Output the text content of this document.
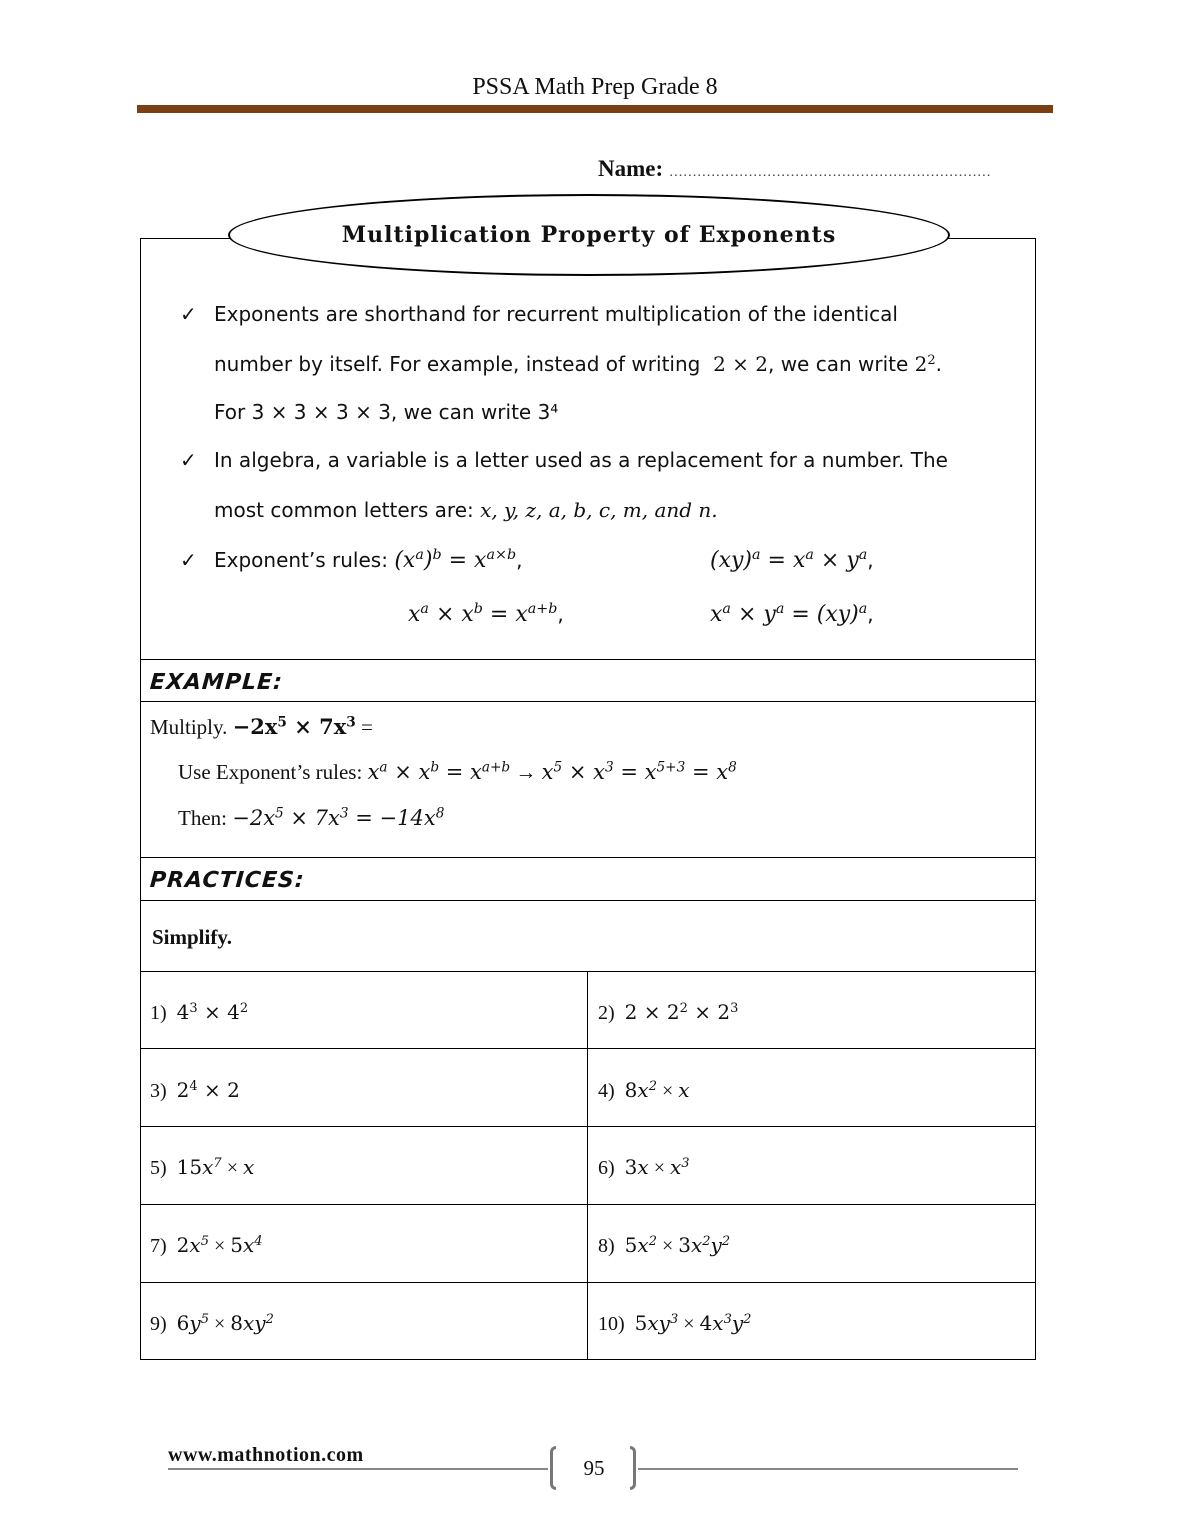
PSSA Math Prep Grade 8
Name: ……………………………………………………………
Multiplication Property of Exponents
✓ Exponents are shorthand for recurrent multiplication of the identical
number by itself. For example, instead of writing 2 × 2, we can write $2^2$.
For 3 × 3 × 3 × 3, we can write 3⁴
✓ In algebra, a variable is a letter used as a replacement for a number. The
most common letters are: x, y, z, a, b, c, m, and n.
✓ Exponent’s rules: $(x^a)^b = x^{a\times b}$,	$(xy)^a = x^a \times y^a$,
$x^a \times x^b = x^{a+b}$,	$x^a \times y^a = (xy)^a$,
EXAMPLE:
Multiply. $-2x^5 \times 7x^3$ =
Use Exponent’s rules: $x^a \times x^b = x^{a+b} \to x^5 \times x^3 = x^{5+3} = x^8$
Then: $-2x^5 \times 7x^3 = -14x^8$
PRACTICES:
Simplify.
1) $4^3 \times 4^2$	2) $2 \times 2^2 \times 2^3$
3) $2^4 \times 2$	4) $8x^2 \times x$
5) $15x^7 \times x$	6) $3x \times x^3$
7) $2x^5 \times 5x^4$	8) $5x^2 \times 3x^2y^2$
9) $6y^5 \times 8xy^2$	10) $5xy^3 \times 4x^3y^2$
www.mathnotion.com
95
